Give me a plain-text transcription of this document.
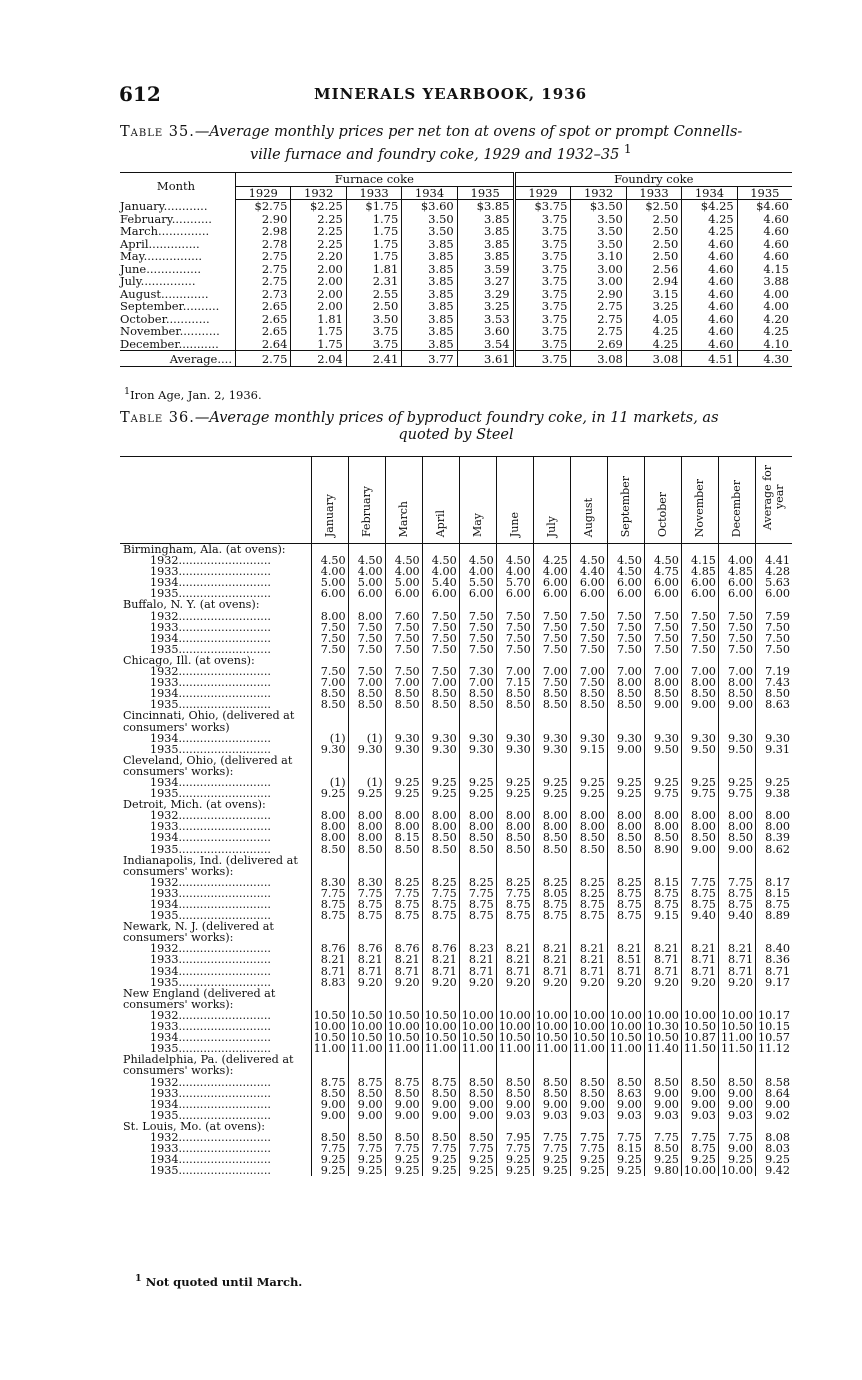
612	MINERALS YEARBOOK, 1936
Table 35.—Average monthly prices per net ton at ovens of spot or prompt Connells-
ville furnace and foundry coke, 1929 and 1932–35 $^1$
Month	Furnace coke					Foundry coke				
	1929	1932	1933	1934	1935	1929	1932	1933	1934	1935
January............	$2.75	$2.25	$1.75	$3.60	$3.85	$3.75	$3.50	$2.50	$4.25	$4.60
February...........	2.90	2.25	1.75	3.50	3.85	3.75	3.50	2.50	4.25	4.60
March..............	2.98	2.25	1.75	3.50	3.85	3.75	3.50	2.50	4.25	4.60
April..............	2.78	2.25	1.75	3.85	3.85	3.75	3.50	2.50	4.60	4.60
May................	2.75	2.20	1.75	3.85	3.85	3.75	3.10	2.50	4.60	4.60
June...............	2.75	2.00	1.81	3.85	3.59	3.75	3.00	2.56	4.60	4.15
July...............	2.75	2.00	2.31	3.85	3.27	3.75	3.00	2.94	4.60	3.88
August.............	2.73	2.00	2.55	3.85	3.29	3.75	2.90	3.15	4.60	4.00
September..........	2.65	2.00	2.50	3.85	3.25	3.75	2.75	3.25	4.60	4.00
October............	2.65	1.81	3.50	3.85	3.53	3.75	2.75	4.05	4.60	4.20
November...........	2.65	1.75	3.75	3.85	3.60	3.75	2.75	4.25	4.60	4.25
December...........	2.64	1.75	3.75	3.85	3.54	3.75	2.69	4.25	4.60	4.10
Average....	2.75	2.04	2.41	3.77	3.61	3.75	3.08	3.08	4.51	4.30
$^1$Iron Age, Jan. 2, 1936.
Table 36.—Average monthly prices of byproduct foundry coke, in 11 markets, as
quoted by Steel

	January	February	March	April	May	June	July	August	September	October	November	December	Average for year

Birmingham, Ala. (at ovens):													
1932..........................	4.50	4.50	4.50	4.50	4.50	4.50	4.25	4.50	4.50	4.50	4.15	4.00	4.41
1933..........................	4.00	4.00	4.00	4.00	4.00	4.00	4.00	4.40	4.50	4.75	4.85	4.85	4.28
1934..........................	5.00	5.00	5.00	5.40	5.50	5.70	6.00	6.00	6.00	6.00	6.00	6.00	5.63
1935..........................	6.00	6.00	6.00	6.00	6.00	6.00	6.00	6.00	6.00	6.00	6.00	6.00	6.00
Buffalo, N. Y. (at ovens):													
1932..........................	8.00	8.00	7.60	7.50	7.50	7.50	7.50	7.50	7.50	7.50	7.50	7.50	7.59
1933..........................	7.50	7.50	7.50	7.50	7.50	7.50	7.50	7.50	7.50	7.50	7.50	7.50	7.50
1934..........................	7.50	7.50	7.50	7.50	7.50	7.50	7.50	7.50	7.50	7.50	7.50	7.50	7.50
1935..........................	7.50	7.50	7.50	7.50	7.50	7.50	7.50	7.50	7.50	7.50	7.50	7.50	7.50
Chicago, Ill. (at ovens):													
1932..........................	7.50	7.50	7.50	7.50	7.30	7.00	7.00	7.00	7.00	7.00	7.00	7.00	7.19
1933..........................	7.00	7.00	7.00	7.00	7.00	7.15	7.50	7.50	8.00	8.00	8.00	8.00	7.43
1934..........................	8.50	8.50	8.50	8.50	8.50	8.50	8.50	8.50	8.50	8.50	8.50	8.50	8.50
1935..........................	8.50	8.50	8.50	8.50	8.50	8.50	8.50	8.50	8.50	9.00	9.00	9.00	8.63
Cincinnati, Ohio, (delivered at consumers' works)													
1934..........................	(1)	(1)	9.30	9.30	9.30	9.30	9.30	9.30	9.30	9.30	9.30	9.30	9.30
1935..........................	9.30	9.30	9.30	9.30	9.30	9.30	9.30	9.15	9.00	9.50	9.50	9.50	9.31
Cleveland, Ohio, (delivered at consumers' works):													
1934..........................	(1)	(1)	9.25	9.25	9.25	9.25	9.25	9.25	9.25	9.25	9.25	9.25	9.25
1935..........................	9.25	9.25	9.25	9.25	9.25	9.25	9.25	9.25	9.25	9.75	9.75	9.75	9.38
Detroit, Mich. (at ovens):													
1932..........................	8.00	8.00	8.00	8.00	8.00	8.00	8.00	8.00	8.00	8.00	8.00	8.00	8.00
1933..........................	8.00	8.00	8.00	8.00	8.00	8.00	8.00	8.00	8.00	8.00	8.00	8.00	8.00
1934..........................	8.00	8.00	8.15	8.50	8.50	8.50	8.50	8.50	8.50	8.50	8.50	8.50	8.39
1935..........................	8.50	8.50	8.50	8.50	8.50	8.50	8.50	8.50	8.50	8.90	9.00	9.00	8.62
Indianapolis, Ind. (delivered at consumers' works):													
1932..........................	8.30	8.30	8.25	8.25	8.25	8.25	8.25	8.25	8.25	8.15	7.75	7.75	8.17
1933..........................	7.75	7.75	7.75	7.75	7.75	7.75	8.05	8.25	8.75	8.75	8.75	8.75	8.15
1934..........................	8.75	8.75	8.75	8.75	8.75	8.75	8.75	8.75	8.75	8.75	8.75	8.75	8.75
1935..........................	8.75	8.75	8.75	8.75	8.75	8.75	8.75	8.75	8.75	9.15	9.40	9.40	8.89
Newark, N. J. (delivered at consumers' works):													
1932..........................	8.76	8.76	8.76	8.76	8.23	8.21	8.21	8.21	8.21	8.21	8.21	8.21	8.40
1933..........................	8.21	8.21	8.21	8.21	8.21	8.21	8.21	8.21	8.51	8.71	8.71	8.71	8.36
1934..........................	8.71	8.71	8.71	8.71	8.71	8.71	8.71	8.71	8.71	8.71	8.71	8.71	8.71
1935..........................	8.83	9.20	9.20	9.20	9.20	9.20	9.20	9.20	9.20	9.20	9.20	9.20	9.17
New England (delivered at consumers' works):													
1932..........................	10.50	10.50	10.50	10.50	10.00	10.00	10.00	10.00	10.00	10.00	10.00	10.00	10.17
1933..........................	10.00	10.00	10.00	10.00	10.00	10.00	10.00	10.00	10.00	10.30	10.50	10.50	10.15
1934..........................	10.50	10.50	10.50	10.50	10.50	10.50	10.50	10.50	10.50	10.50	10.87	11.00	10.57
1935..........................	11.00	11.00	11.00	11.00	11.00	11.00	11.00	11.00	11.00	11.40	11.50	11.50	11.12
Philadelphia, Pa. (delivered at consumers' works):													
1932..........................	8.75	8.75	8.75	8.75	8.50	8.50	8.50	8.50	8.50	8.50	8.50	8.50	8.58
1933..........................	8.50	8.50	8.50	8.50	8.50	8.50	8.50	8.50	8.63	9.00	9.00	9.00	8.64
1934..........................	9.00	9.00	9.00	9.00	9.00	9.00	9.00	9.00	9.00	9.00	9.00	9.00	9.00
1935..........................	9.00	9.00	9.00	9.00	9.00	9.03	9.03	9.03	9.03	9.03	9.03	9.03	9.02
St. Louis, Mo. (at ovens):													
1932..........................	8.50	8.50	8.50	8.50	8.50	7.95	7.75	7.75	7.75	7.75	7.75	7.75	8.08
1933..........................	7.75	7.75	7.75	7.75	7.75	7.75	7.75	7.75	8.15	8.50	8.75	9.00	8.03
1934..........................	9.25	9.25	9.25	9.25	9.25	9.25	9.25	9.25	9.25	9.25	9.25	9.25	9.25
1935..........................	9.25	9.25	9.25	9.25	9.25	9.25	9.25	9.25	9.25	9.80	10.00	10.00	9.42
$^1$ Not quoted until March.
